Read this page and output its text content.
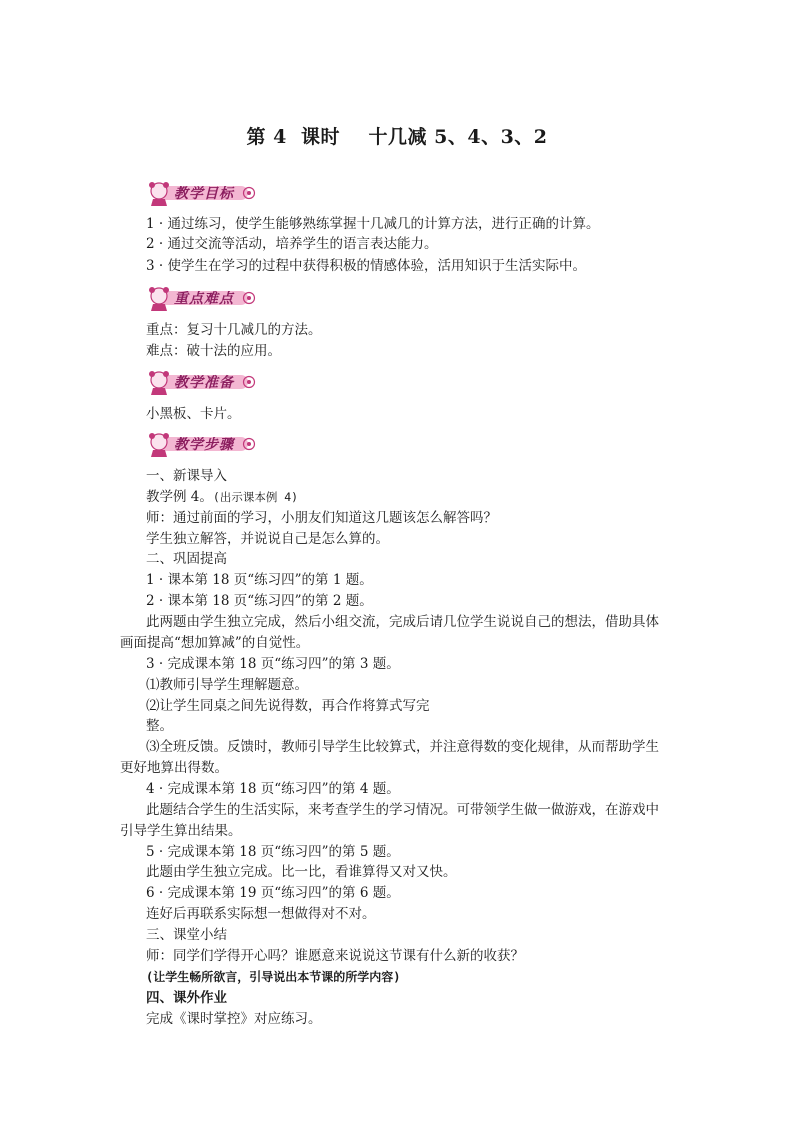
第 4  课时    十几减 5、4、3、2
教学目标
1 · 通过练习，使学生能够熟练掌握十几减几的计算方法，进行正确的计算。
2 · 通过交流等活动，培养学生的语言表达能力。
3 · 使学生在学习的过程中获得积极的情感体验，活用知识于生活实际中。
重点难点
重点：复习十几减几的方法。
难点：破十法的应用。
教学准备
小黑板、卡片。
教学步骤
一、新课导入
教学例 4。(出示课本例 4)
师：通过前面的学习，小朋友们知道这几题该怎么解答吗？
学生独立解答，并说说自己是怎么算的。
二、巩固提高
1 · 课本第 18 页“练习四”的第 1 题。
2 · 课本第 18 页“练习四”的第 2 题。
此两题由学生独立完成，然后小组交流，完成后请几位学生说说自己的想法，借助具体
画面提高“想加算减”的自觉性。
3 · 完成课本第 18 页“练习四”的第 3 题。
⑴教师引导学生理解题意。
⑵让学生同桌之间先说得数，再合作将算式写完
整。
⑶全班反馈。反馈时，教师引导学生比较算式，并注意得数的变化规律，从而帮助学生
更好地算出得数。
4 · 完成课本第 18 页“练习四”的第 4 题。
此题结合学生的生活实际，来考查学生的学习情况。可带领学生做一做游戏，在游戏中
引导学生算出结果。
5 · 完成课本第 18 页“练习四”的第 5 题。
此题由学生独立完成。比一比，看谁算得又对又快。
6 · 完成课本第 19 页“练习四”的第 6 题。
连好后再联系实际想一想做得对不对。
三、课堂小结
师：同学们学得开心吗？谁愿意来说说这节课有什么新的收获？
(让学生畅所欲言，引导说出本节课的所学内容)
四、课外作业
完成《课时掌控》对应练习。
